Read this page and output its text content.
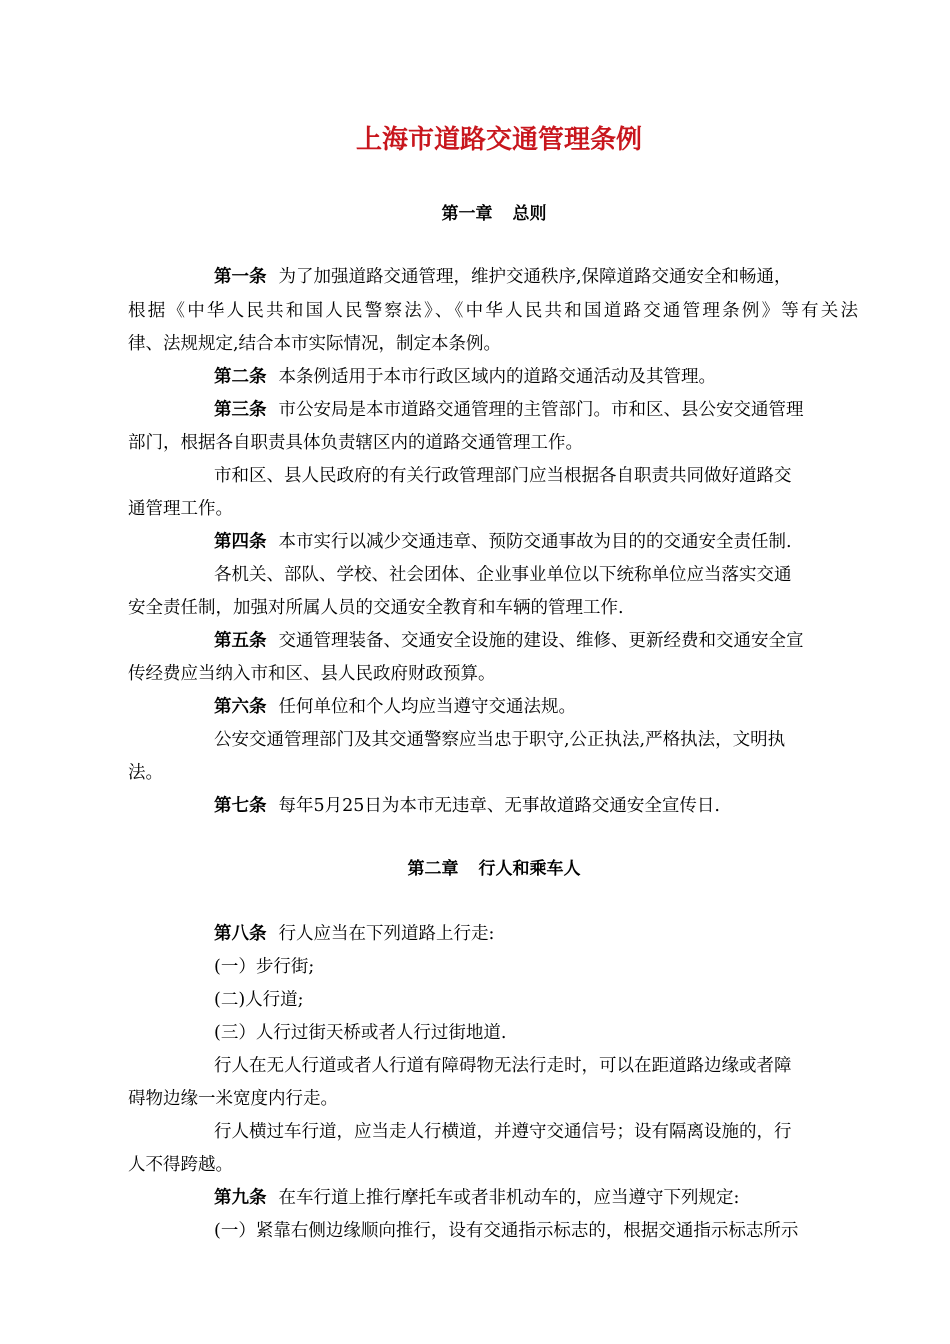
上海市道路交通管理条例
第一章 总则
第一条 为了加强道路交通管理，维护交通秩序,保障道路交通安全和畅通，
根据《中华人民共和国人民警察法》、《中华人民共和国道路交通管理条例》等有关法
律、法规规定,结合本市实际情况，制定本条例。
第二条 本条例适用于本市行政区域内的道路交通活动及其管理。
第三条 市公安局是本市道路交通管理的主管部门。市和区、县公安交通管理
部门，根据各自职责具体负责辖区内的道路交通管理工作。
市和区、县人民政府的有关行政管理部门应当根据各自职责共同做好道路交
通管理工作。
第四条 本市实行以减少交通违章、预防交通事故为目的的交通安全责任制.
各机关、部队、学校、社会团体、企业事业单位以下统称单位应当落实交通
安全责任制，加强对所属人员的交通安全教育和车辆的管理工作.
第五条 交通管理装备、交通安全设施的建设、维修、更新经费和交通安全宣
传经费应当纳入市和区、县人民政府财政预算。
第六条 任何单位和个人均应当遵守交通法规。
公安交通管理部门及其交通警察应当忠于职守,公正执法,严格执法，文明执
法。
第七条 每年5月25日为本市无违章、无事故道路交通安全宣传日.
第二章 行人和乘车人
第八条 行人应当在下列道路上行走:
(一）步行街;
(二)人行道;
(三）人行过街天桥或者人行过街地道.
行人在无人行道或者人行道有障碍物无法行走时，可以在距道路边缘或者障
碍物边缘一米宽度内行走。
行人横过车行道，应当走人行横道，并遵守交通信号；设有隔离设施的，行
人不得跨越。
第九条 在车行道上推行摩托车或者非机动车的，应当遵守下列规定:
(一）紧靠右侧边缘顺向推行，设有交通指示标志的，根据交通指示标志所示
